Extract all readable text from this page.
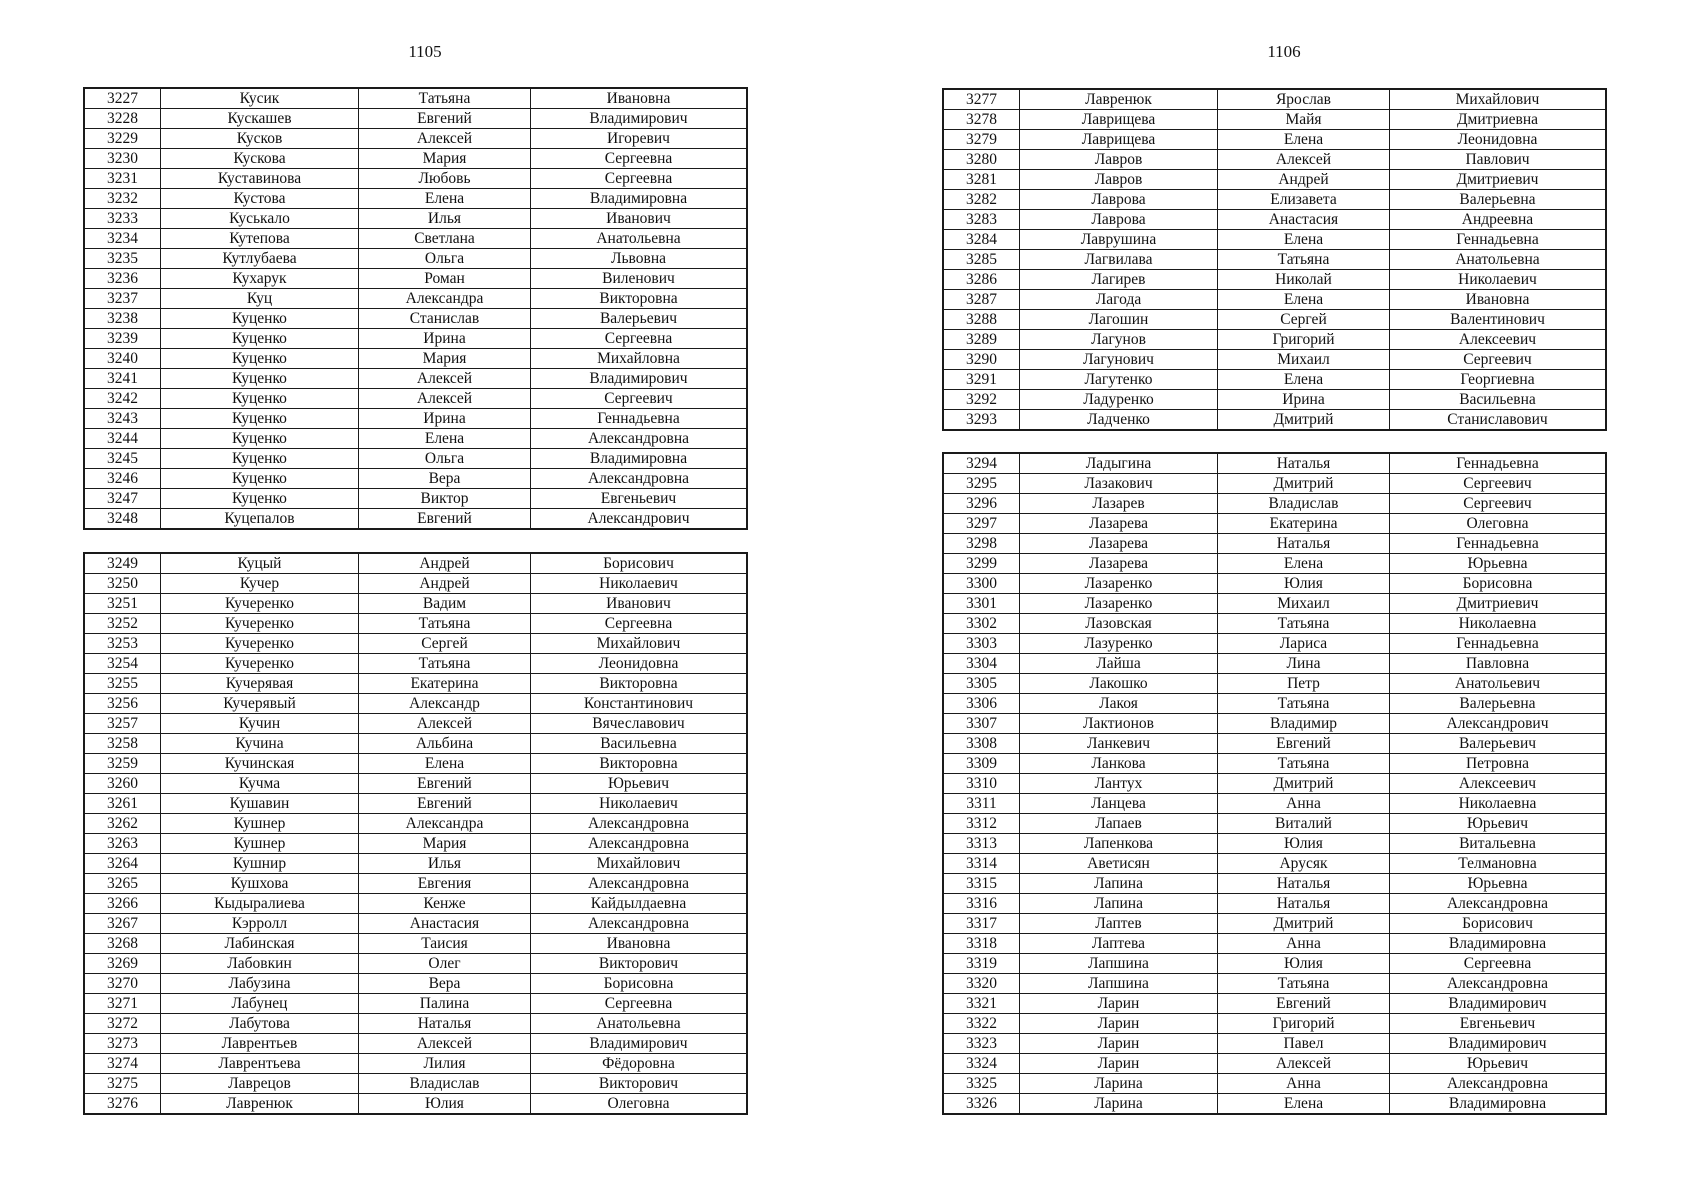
1105	1106
3227	Кусик	Татьяна	Ивановна
3228	Кускашев	Евгений	Владимирович
3229	Кусков	Алексей	Игоревич
3230	Кускова	Мария	Сергеевна
3231	Куставинова	Любовь	Сергеевна
3232	Кустова	Елена	Владимировна
3233	Куськало	Илья	Иванович
3234	Кутепова	Светлана	Анатольевна
3235	Кутлубаева	Ольга	Львовна
3236	Кухарук	Роман	Виленович
3237	Куц	Александра	Викторовна
3238	Куценко	Станислав	Валерьевич
3239	Куценко	Ирина	Сергеевна
3240	Куценко	Мария	Михайловна
3241	Куценко	Алексей	Владимирович
3242	Куценко	Алексей	Сергеевич
3243	Куценко	Ирина	Геннадьевна
3244	Куценко	Елена	Александровна
3245	Куценко	Ольга	Владимировна
3246	Куценко	Вера	Александровна
3247	Куценко	Виктор	Евгеньевич
3248	Куцепалов	Евгений	Александрович
3249	Куцый	Андрей	Борисович
3250	Кучер	Андрей	Николаевич
3251	Кучеренко	Вадим	Иванович
3252	Кучеренко	Татьяна	Сергеевна
3253	Кучеренко	Сергей	Михайлович
3254	Кучеренко	Татьяна	Леонидовна
3255	Кучерявая	Екатерина	Викторовна
3256	Кучерявый	Александр	Константинович
3257	Кучин	Алексей	Вячеславович
3258	Кучина	Альбина	Васильевна
3259	Кучинская	Елена	Викторовна
3260	Кучма	Евгений	Юрьевич
3261	Кушавин	Евгений	Николаевич
3262	Кушнер	Александра	Александровна
3263	Кушнер	Мария	Александровна
3264	Кушнир	Илья	Михайлович
3265	Кушхова	Евгения	Александровна
3266	Кыдыралиева	Кенже	Кайдылдаевна
3267	Кэрролл	Анастасия	Александровна
3268	Лабинская	Таисия	Ивановна
3269	Лабовкин	Олег	Викторович
3270	Лабузина	Вера	Борисовна
3271	Лабунец	Палина	Сергеевна
3272	Лабутова	Наталья	Анатольевна
3273	Лаврентьев	Алексей	Владимирович
3274	Лаврентьева	Лилия	Фёдоровна
3275	Лаврецов	Владислав	Викторович
3276	Лавренюк	Юлия	Олеговна
3277	Лавренюк	Ярослав	Михайлович
3278	Лаврищева	Майя	Дмитриевна
3279	Лаврищева	Елена	Леонидовна
3280	Лавров	Алексей	Павлович
3281	Лавров	Андрей	Дмитриевич
3282	Лаврова	Елизавета	Валерьевна
3283	Лаврова	Анастасия	Андреевна
3284	Лаврушина	Елена	Геннадьевна
3285	Лагвилава	Татьяна	Анатольевна
3286	Лагирев	Николай	Николаевич
3287	Лагода	Елена	Ивановна
3288	Лагошин	Сергей	Валентинович
3289	Лагунов	Григорий	Алексеевич
3290	Лагунович	Михаил	Сергеевич
3291	Лагутенко	Елена	Георгиевна
3292	Ладуренко	Ирина	Васильевна
3293	Ладченко	Дмитрий	Станиславович
3294	Ладыгина	Наталья	Геннадьевна
3295	Лазакович	Дмитрий	Сергеевич
3296	Лазарев	Владислав	Сергеевич
3297	Лазарева	Екатерина	Олеговна
3298	Лазарева	Наталья	Геннадьевна
3299	Лазарева	Елена	Юрьевна
3300	Лазаренко	Юлия	Борисовна
3301	Лазаренко	Михаил	Дмитриевич
3302	Лазовская	Татьяна	Николаевна
3303	Лазуренко	Лариса	Геннадьевна
3304	Лайша	Лина	Павловна
3305	Лакошко	Петр	Анатольевич
3306	Лакоя	Татьяна	Валерьевна
3307	Лактионов	Владимир	Александрович
3308	Ланкевич	Евгений	Валерьевич
3309	Ланкова	Татьяна	Петровна
3310	Лантух	Дмитрий	Алексеевич
3311	Ланцева	Анна	Николаевна
3312	Лапаев	Виталий	Юрьевич
3313	Лапенкова	Юлия	Витальевна
3314	Аветисян	Арусяк	Телмановна
3315	Лапина	Наталья	Юрьевна
3316	Лапина	Наталья	Александровна
3317	Лаптев	Дмитрий	Борисович
3318	Лаптева	Анна	Владимировна
3319	Лапшина	Юлия	Сергеевна
3320	Лапшина	Татьяна	Александровна
3321	Ларин	Евгений	Владимирович
3322	Ларин	Григорий	Евгеньевич
3323	Ларин	Павел	Владимирович
3324	Ларин	Алексей	Юрьевич
3325	Ларина	Анна	Александровна
3326	Ларина	Елена	Владимировна
